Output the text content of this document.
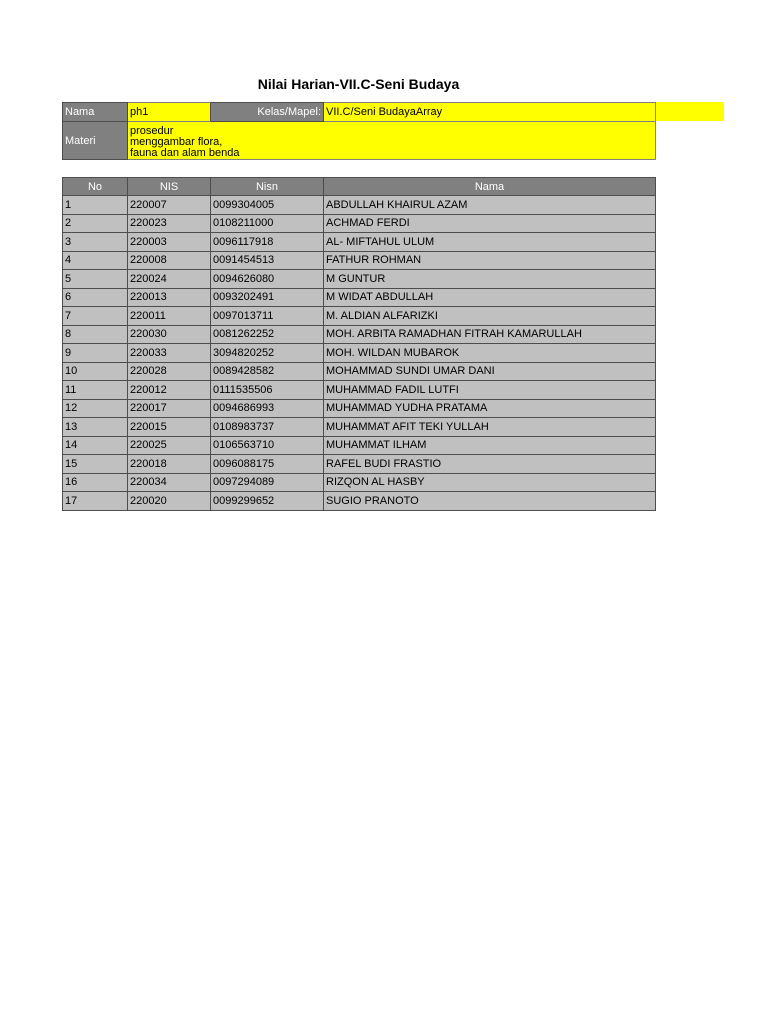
Nilai Harian-VII.C-Seni Budaya
Nama	ph1	Kelas/Mapel:	VII.C/Seni BudayaArray
Materi	prosedur
menggambar flora,
fauna dan alam benda		
No	NIS	Nisn	Nama
1	220007	0099304005	ABDULLAH KHAIRUL AZAM
2	220023	0108211000	ACHMAD FERDI
3	220003	0096117918	AL- MIFTAHUL ULUM
4	220008	0091454513	FATHUR ROHMAN
5	220024	0094626080	M GUNTUR
6	220013	0093202491	M WIDAT ABDULLAH
7	220011	0097013711	M. ALDIAN ALFARIZKI
8	220030	0081262252	MOH. ARBITA RAMADHAN FITRAH KAMARULLAH
9	220033	3094820252	MOH. WILDAN MUBAROK
10	220028	0089428582	MOHAMMAD SUNDI UMAR DANI
11	220012	0111535506	MUHAMMAD FADIL LUTFI
12	220017	0094686993	MUHAMMAD YUDHA PRATAMA
13	220015	0108983737	MUHAMMAT AFIT TEKI YULLAH
14	220025	0106563710	MUHAMMAT ILHAM
15	220018	0096088175	RAFEL BUDI FRASTIO
16	220034	0097294089	RIZQON AL HASBY
17	220020	0099299652	SUGIO PRANOTO
